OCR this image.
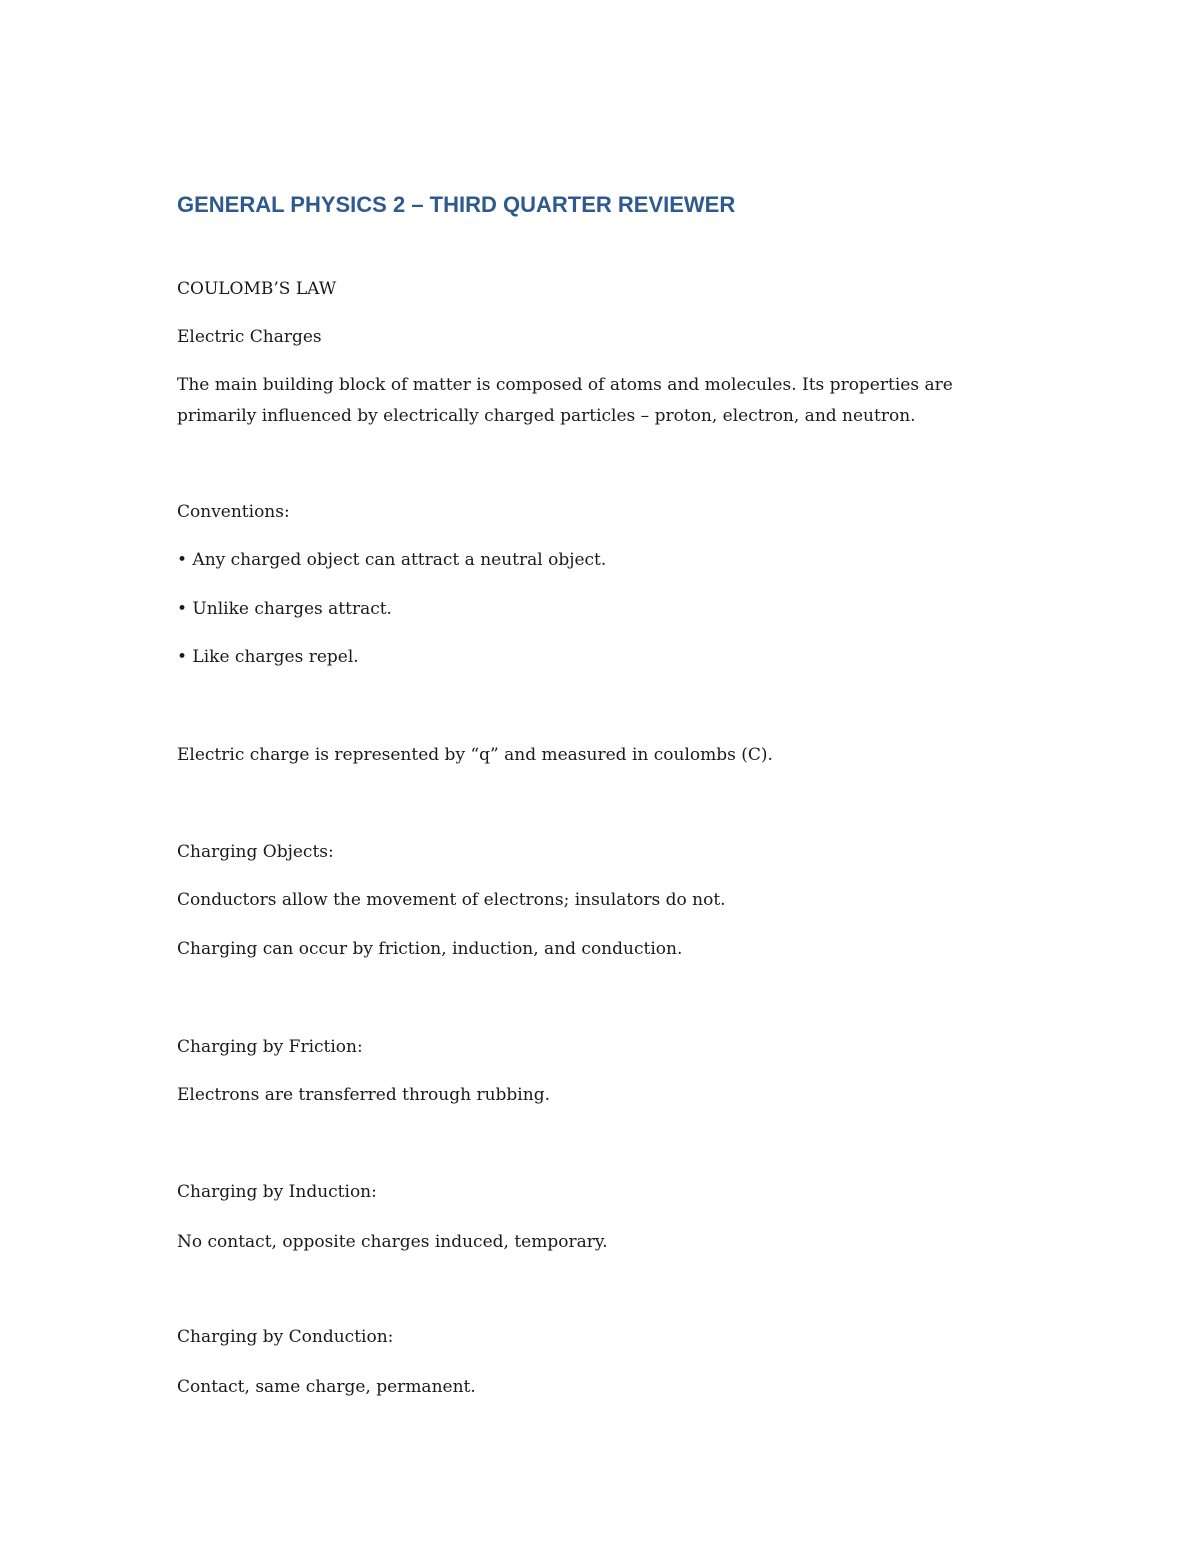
GENERAL PHYSICS 2 – THIRD QUARTER REVIEWER

COULOMB’S LAW

Electric Charges

The main building block of matter is composed of atoms and molecules. Its properties are
primarily influenced by electrically charged particles – proton, electron, and neutron.

Conventions:

• Any charged object can attract a neutral object.

• Unlike charges attract.

• Like charges repel.

Electric charge is represented by “q” and measured in coulombs (C).

Charging Objects:

Conductors allow the movement of electrons; insulators do not.

Charging can occur by friction, induction, and conduction.

Charging by Friction:

Electrons are transferred through rubbing.

Charging by Induction:

No contact, opposite charges induced, temporary.

Charging by Conduction:

Contact, same charge, permanent.
